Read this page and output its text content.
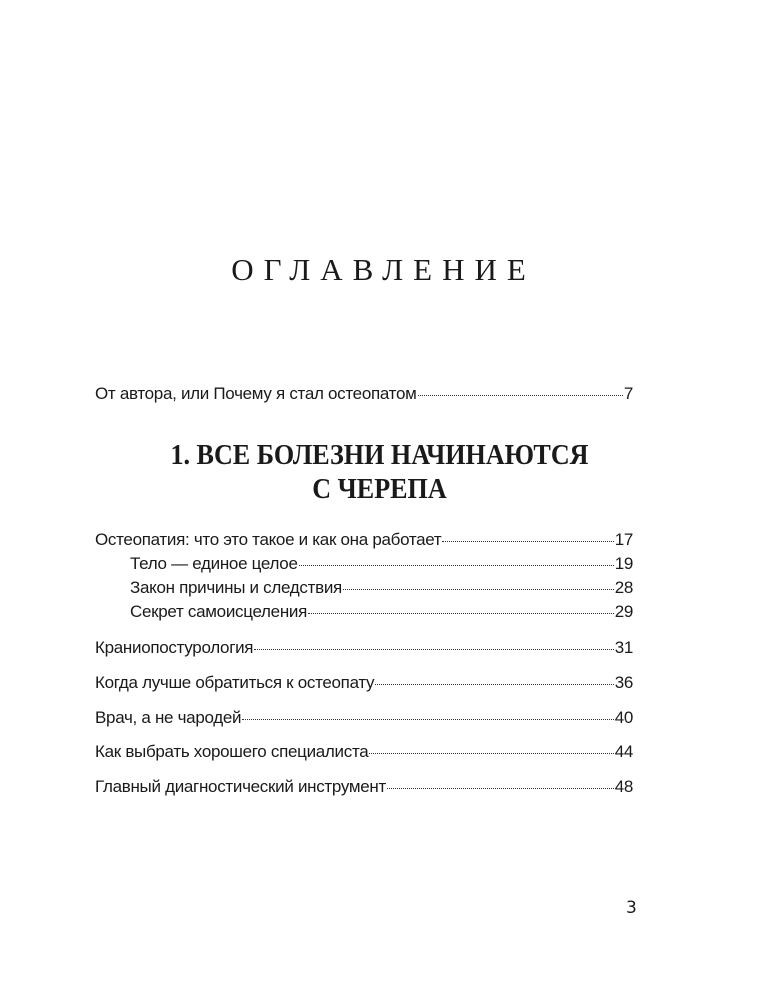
ОГЛАВЛЕНИЕ
От автора, или Почему я стал остеопатом	7
1. ВСЕ БОЛЕЗНИ НАЧИНАЮТСЯ
С ЧЕРЕПА
Остеопатия: что это такое и как она работает	17
Тело — единое целое	19
Закон причины и следствия	28
Секрет самоисцеления	29
Краниопостурология	31
Когда лучше обратиться к остеопату	36
Врач, а не чародей	40
Как выбрать хорошего специалиста	44
Главный диагностический инструмент	48
3
